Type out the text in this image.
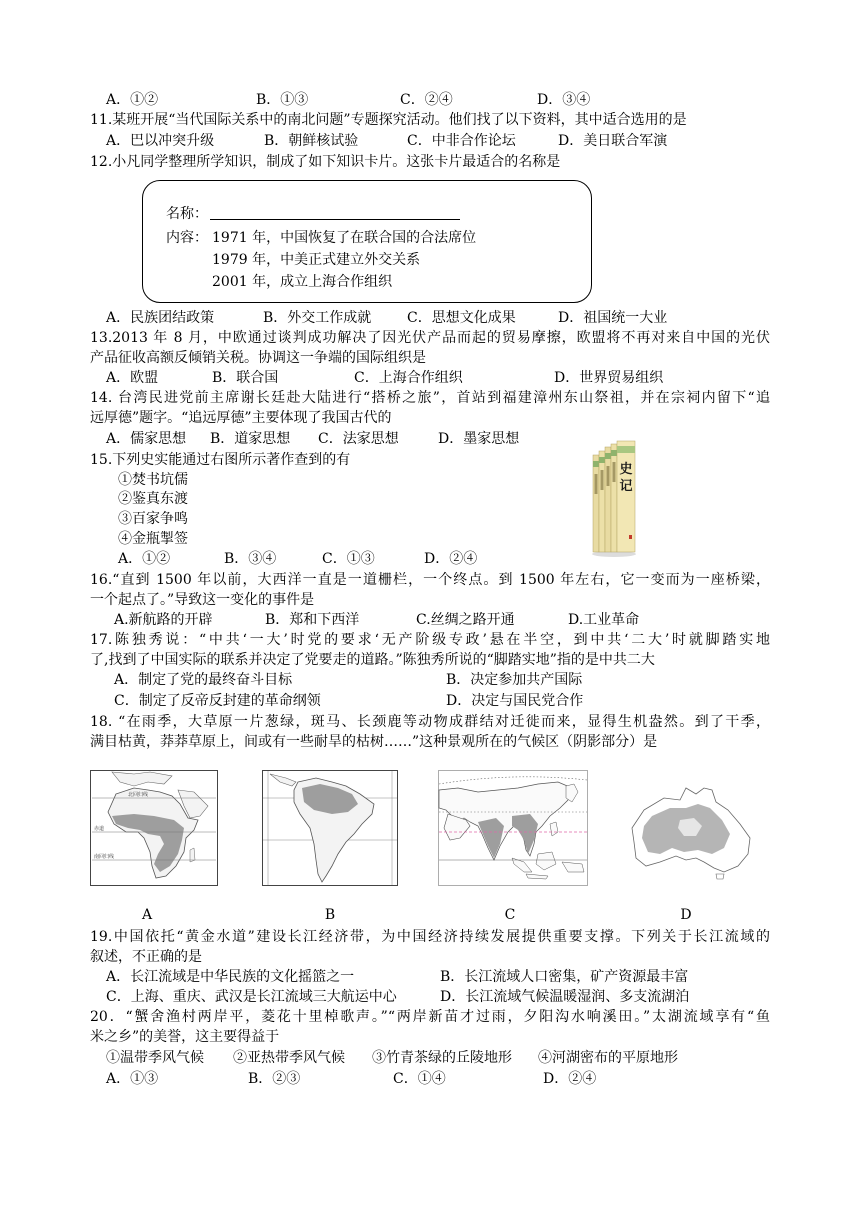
A．①②	B．①③	C．②④	D．③④
11.某班开展“当代国际关系中的南北问题”专题探究活动。他们找了以下资料，其中适合选用的是
A．巴以冲突升级	B．朝鲜核试验	C．中非合作论坛	D．美日联合军演
12.小凡同学整理所学知识，制成了如下知识卡片。这张卡片最适合的名称是
名称：
内容： 1971 年，中国恢复了在联合国的合法席位
1979 年，中美正式建立外交关系
2001 年，成立上海合作组织
A．民族团结政策	B．外交工作成就	C．思想文化成果	D．祖国统一大业
13.2013 年 8 月，中欧通过谈判成功解决了因光伏产品而起的贸易摩擦，欧盟将不再对来自中国的光伏
产品征收高额反倾销关税。协调这一争端的国际组织是
A．欧盟	B．联合国	C．上海合作组织	D．世界贸易组织
14. 台湾民进党前主席谢长廷赴大陆进行“搭桥之旅”，首站到福建漳州东山祭祖，并在宗祠内留下“追
远厚德”题字。“追远厚德”主要体现了我国古代的
A．儒家思想 B．道家思想 C．法家思想	D．墨家思想
15.下列史实能通过右图所示著作查到的有
①焚书坑儒
②鉴真东渡
③百家争鸣
④金瓶掣签
A．①②	B．③④	C．①③	D．②④
史
记
16.“直到 1500 年以前，大西洋一直是一道栅栏，一个终点。到 1500 年左右，它一变而为一座桥梁，
一个起点了。”导致这一变化的事件是
A.新航路的开辟	B．郑和下西洋	C.丝绸之路开通	D.工业革命
17.陈独秀说：“中共‘一大’时党的要求‘无产阶级专政’悬在半空，到中共‘二大’时就脚踏实地
了,找到了中国实际的联系并决定了党要走的道路。”陈独秀所说的“脚踏实地”指的是中共二大
A．制定了党的最终奋斗目标	B．决定参加共产国际
C．制定了反帝反封建的革命纲领	D．决定与国民党合作
18. “在雨季，大草原一片葱绿，斑马、长颈鹿等动物成群结对迁徙而来，显得生机盎然。到了干季，
满目枯黄，莽莽草原上，间或有一些耐旱的枯树……”这种景观所在的气候区（阴影部分）是
北回归线
赤道
南回归线
A	B	C	D
19.中国依托“黄金水道”建设长江经济带，为中国经济持续发展提供重要支撑。下列关于长江流域的
叙述，不正确的是
A．长江流域是中华民族的文化摇篮之一	B．长江流域人口密集，矿产资源最丰富
C．上海、重庆、武汉是长江流域三大航运中心	D．长江流域气候温暖湿润、多支流湖泊
20．“蟹舍渔村两岸平，菱花十里棹歌声。”“两岸新苗才过雨，夕阳沟水响溪田。”太湖流域享有“鱼
米之乡”的美誉，这主要得益于
①温带季风气候 ②亚热带季风气候 ③竹青茶绿的丘陵地形 ④河湖密布的平原地形
A．①③	B．②③	C．①④	D．②④
